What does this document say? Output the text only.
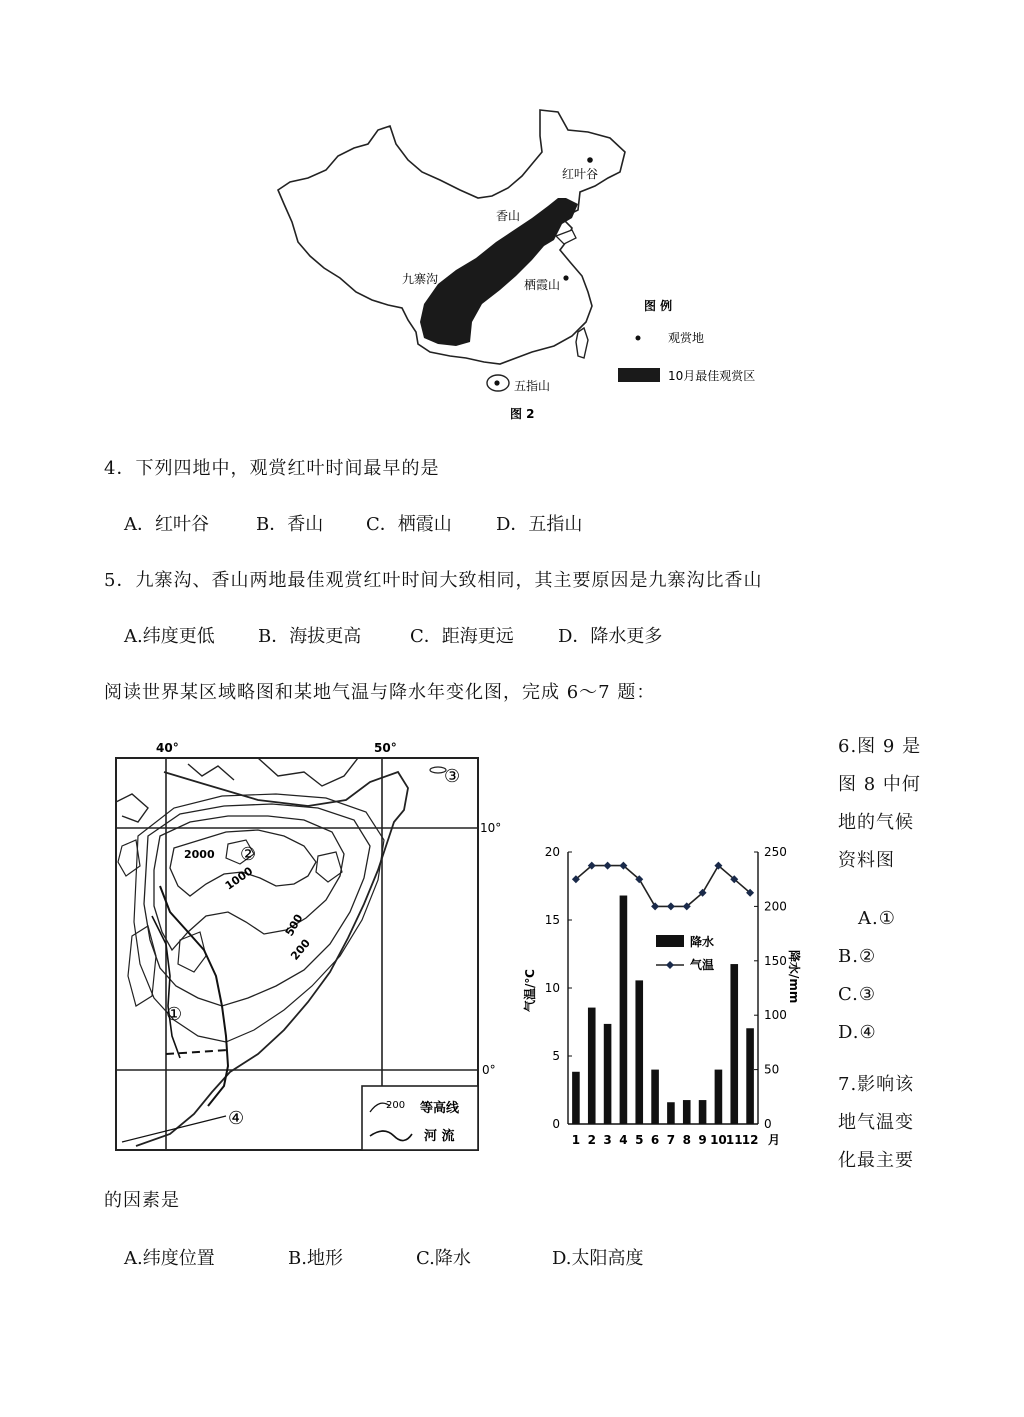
红叶谷
香山
九寨沟	栖霞山
五指山
图 例
观赏地
10月最佳观赏区
图 2
4．下列四地中，观赏红叶时间最早的是
A．红叶谷	B．香山 C．栖霞山 D．五指山
5．九寨沟、香山两地最佳观赏红叶时间大致相同，其主要原因是九寨沟比香山
A.纬度更低 B．海拔更高	C．距海更远 D．降水更多
阅读世界某区域略图和某地气温与降水年变化图，完成 6～7 题：
40°	50°
10°
0°
2000
1000
500
200
①
②
③
④
200 等高线
河 流
0
5
10
15
20
0
50
100
150
200
250
1 2 3 4 5 6 7 8 9 10 11 12 月
气温/℃	降水/mm
降水
气温
6.图 9 是
图 8 中何
地的气候
资料图
A.①
B.②
C.③
D.④
7.影响该
地气温变
化最主要
的因素是
A.纬度位置	B.地形	C.降水	D.太阳高度
